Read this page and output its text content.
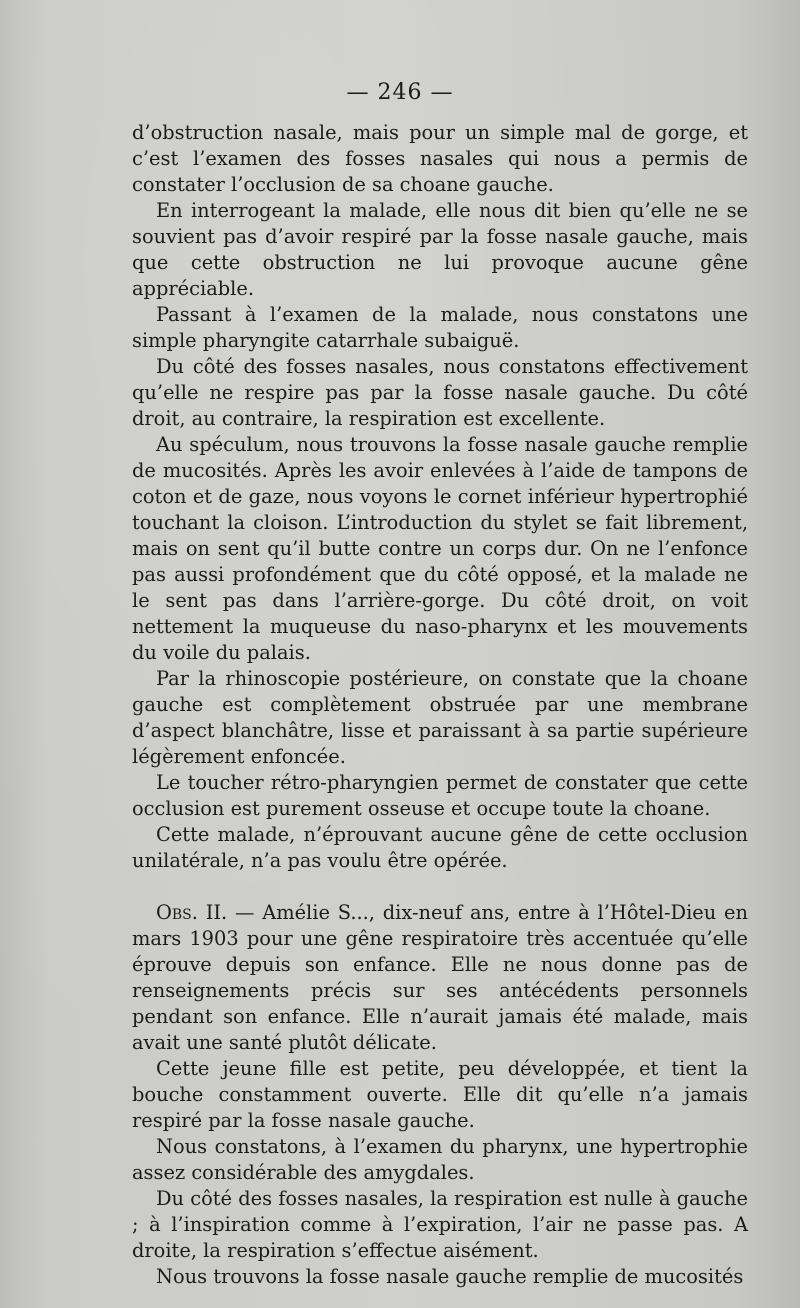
— 246 —

d’obstruction nasale, mais pour un simple mal de gorge, et c’est l’examen des fosses nasales qui nous a permis de constater l’occlusion de sa choane gauche.

En interrogeant la malade, elle nous dit bien qu’elle ne se souvient pas d’avoir respiré par la fosse nasale gauche, mais que cette obstruction ne lui provoque aucune gêne appréciable.

Passant à l’examen de la malade, nous constatons une simple pharyngite catarrhale subaiguë.

Du côté des fosses nasales, nous constatons effectivement qu’elle ne respire pas par la fosse nasale gauche. Du côté droit, au contraire, la respiration est excellente.

Au spéculum, nous trouvons la fosse nasale gauche remplie de mucosités. Après les avoir enlevées à l’aide de tampons de coton et de gaze, nous voyons le cornet inférieur hypertrophié touchant la cloison. L’introduction du stylet se fait librement, mais on sent qu’il butte contre un corps dur. On ne l’enfonce pas aussi profondément que du côté opposé, et la malade ne le sent pas dans l’arrière-gorge. Du côté droit, on voit nettement la muqueuse du naso-pharynx et les mouvements du voile du palais.

Par la rhinoscopie postérieure, on constate que la choane gauche est complètement obstruée par une membrane d’aspect blanchâtre, lisse et paraissant à sa partie supérieure légèrement enfoncée.

Le toucher rétro-pharyngien permet de constater que cette occlusion est purement osseuse et occupe toute la choane.

Cette malade, n’éprouvant aucune gêne de cette occlusion unilatérale, n’a pas voulu être opérée.

Obs. II. — Amélie S..., dix-neuf ans, entre à l’Hôtel-Dieu en mars 1903 pour une gêne respiratoire très accentuée qu’elle éprouve depuis son enfance. Elle ne nous donne pas de renseignements précis sur ses antécédents personnels pendant son enfance. Elle n’aurait jamais été malade, mais avait une santé plutôt délicate.

Cette jeune fille est petite, peu développée, et tient la bouche constamment ouverte. Elle dit qu’elle n’a jamais respiré par la fosse nasale gauche.

Nous constatons, à l’examen du pharynx, une hypertrophie assez considérable des amygdales.

Du côté des fosses nasales, la respiration est nulle à gauche ; à l’inspiration comme à l’expiration, l’air ne passe pas. A droite, la respiration s’effectue aisément.

Nous trouvons la fosse nasale gauche remplie de mucosités
